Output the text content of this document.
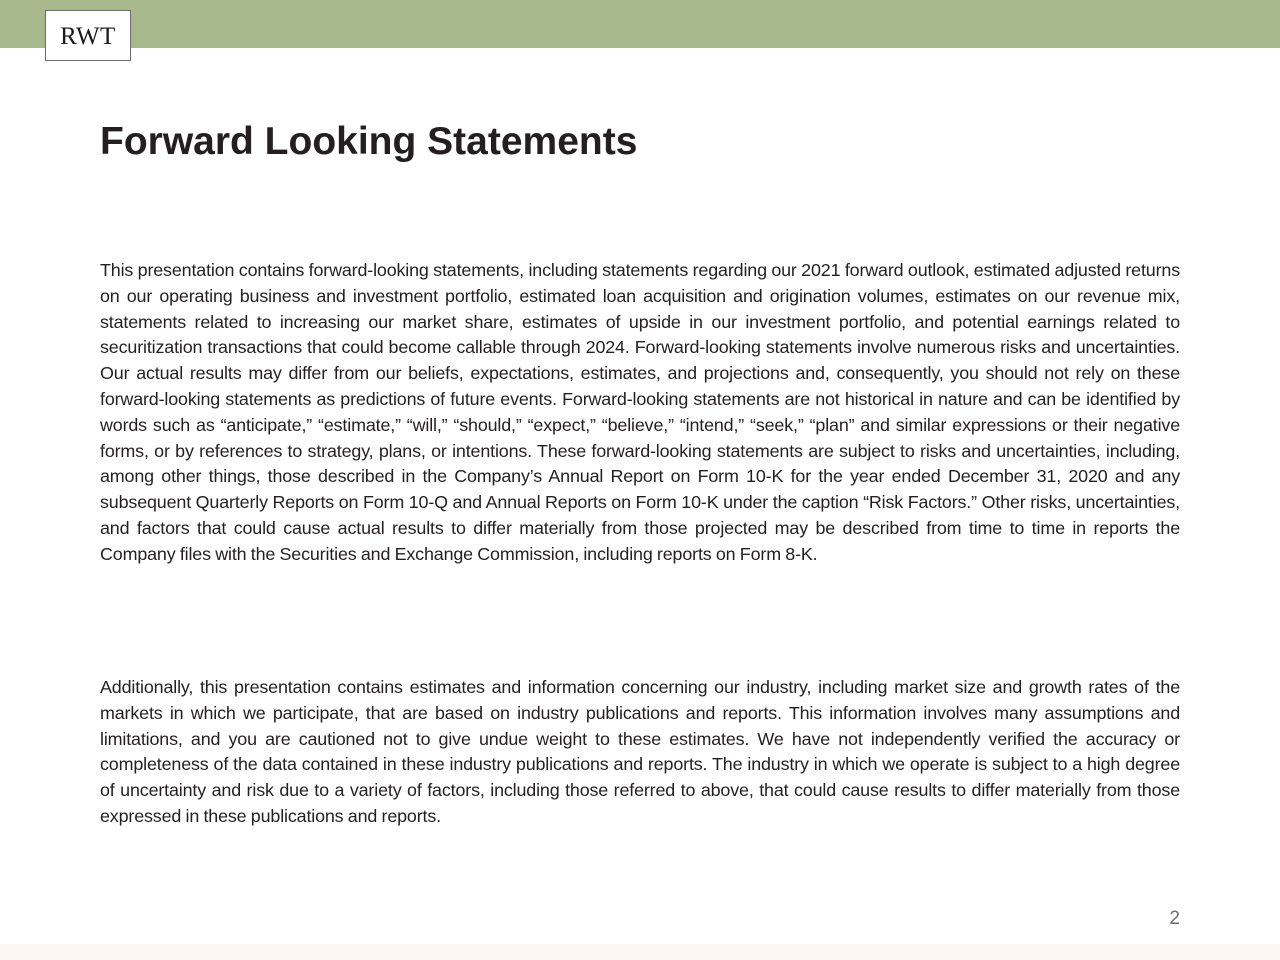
RWT
Forward Looking Statements

This presentation contains forward-looking statements, including statements regarding our 2021 forward outlook, estimated adjusted returns on our operating business and investment portfolio, estimated loan acquisition and origination volumes, estimates on our revenue mix, statements related to increasing our market share, estimates of upside in our investment portfolio, and potential earnings related to securitization transactions that could become callable through 2024. Forward-looking statements involve numerous risks and uncertainties. Our actual results may differ from our beliefs, expectations, estimates, and projections and, consequently, you should not rely on these forward-looking statements as predictions of future events. Forward-looking statements are not historical in nature and can be identified by words such as “anticipate,” “estimate,” “will,” “should,” “expect,” “believe,” “intend,” “seek,” “plan” and similar expressions or their negative forms, or by references to strategy, plans, or intentions. These forward-looking statements are subject to risks and uncertainties, including, among other things, those described in the Company’s Annual Report on Form 10-K for the year ended December 31, 2020 and any subsequent Quarterly Reports on Form 10-Q and Annual Reports on Form 10-K under the caption “Risk Factors.” Other risks, uncertainties, and factors that could cause actual results to differ materially from those projected may be described from time to time in reports the Company files with the Securities and Exchange Commission, including reports on Form 8-K.

Additionally, this presentation contains estimates and information concerning our industry, including market size and growth rates of the markets in which we participate, that are based on industry publications and reports. This information involves many assumptions and limitations, and you are cautioned not to give undue weight to these estimates. We have not independently verified the accuracy or completeness of the data contained in these industry publications and reports. The industry in which we operate is subject to a high degree of uncertainty and risk due to a variety of factors, including those referred to above, that could cause results to differ materially from those expressed in these publications and reports.

2
